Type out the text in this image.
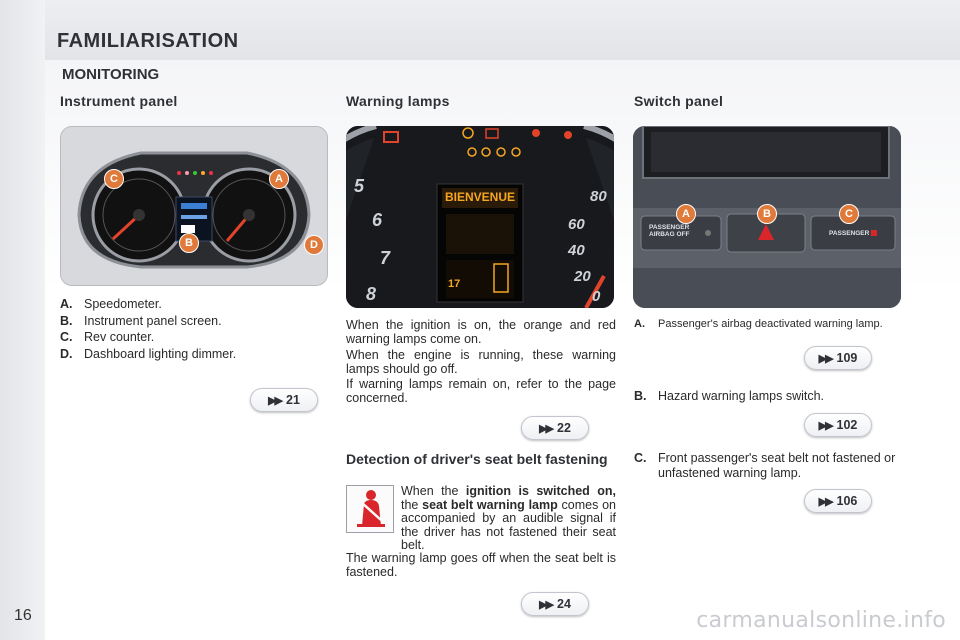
FAMILIARISATION
MONITORING
Instrument panel	Warning lamps	Switch panel
C	A
B	D
A. Speedometer.
B. Instrument panel screen.
C. Rev counter.
D. Dashboard lighting dimmer.
▶▶ 21
BIENVENUE
17
5
6
7
8
80
60
40
20
0

When the ignition is on, the orange and red warning lamps come on.

When the engine is running, these warning lamps should go off.

If warning lamps remain on, refer to the page concerned.

▶▶ 22
Detection of driver's seat belt fastening

When the ignition is switched on, the seat belt warning lamp comes on accompanied by an audible signal if the driver has not fastened their seat belt.

The warning lamp goes off when the seat belt is fastened.

▶▶ 24
PASSENGER
AIRBAG OFF	PASSENGER
A	B	C
A.	Passenger's airbag deactivated warning lamp.
▶▶ 109
B. Hazard warning lamps switch.
▶▶ 102
C. Front passenger's seat belt not fastened or unfastened warning lamp.
▶▶ 106
16	carmanualsonline.info
